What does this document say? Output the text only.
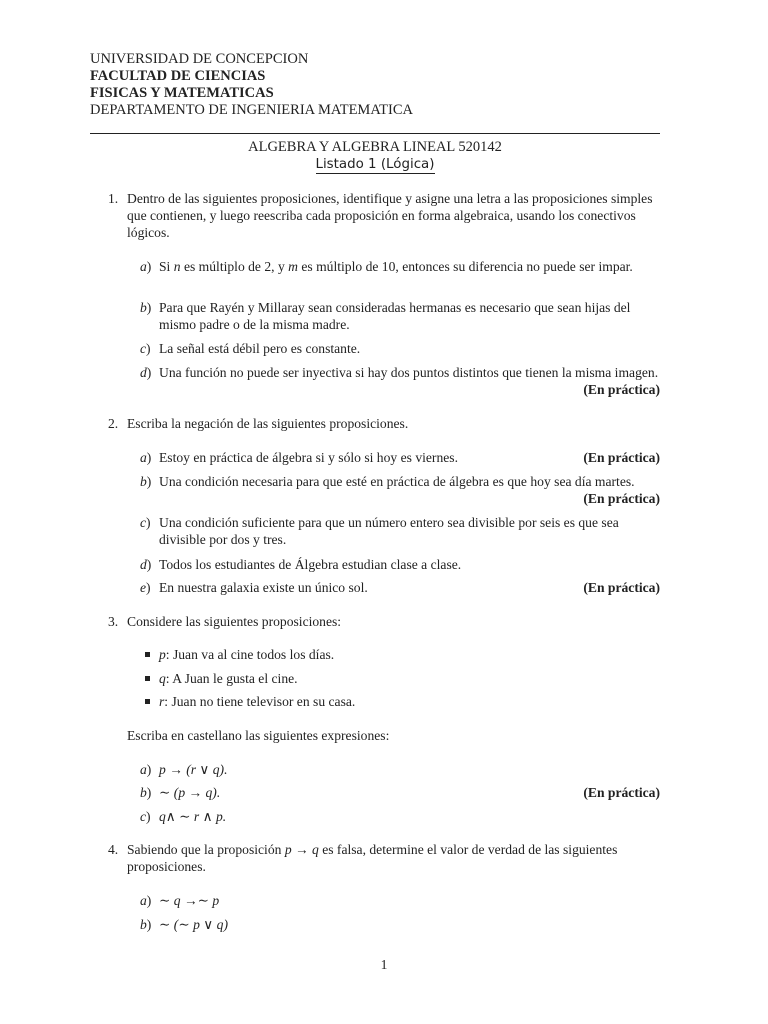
UNIVERSIDAD DE CONCEPCION
FACULTAD DE CIENCIAS
FISICAS Y MATEMATICAS
DEPARTAMENTO DE INGENIERIA MATEMATICA
ALGEBRA Y ALGEBRA LINEAL 520142
Listado 1 (Lógica)
1. Dentro de las siguientes proposiciones, identifique y asigne una letra a las proposiciones simples que contienen, y luego reescriba cada proposición en forma algebraica, usando los conectivos lógicos.
a) Si n es múltiplo de 2, y m es múltiplo de 10, entonces su diferencia no puede ser impar.
b) Para que Rayén y Millaray sean consideradas hermanas es necesario que sean hijas del mismo padre o de la misma madre.
c) La señal está débil pero es constante.
d) Una función no puede ser inyectiva si hay dos puntos distintos que tienen la misma imagen.
(En práctica)
2. Escriba la negación de las siguientes proposiciones.
a) Estoy en práctica de álgebra si y sólo si hoy es viernes.	(En práctica)
b) Una condición necesaria para que esté en práctica de álgebra es que hoy sea día martes.
(En práctica)
c) Una condición suficiente para que un número entero sea divisible por seis es que sea divisible por dos y tres.
d) Todos los estudiantes de Álgebra estudian clase a clase.
e) En nuestra galaxia existe un único sol.	(En práctica)
3. Considere las siguientes proposiciones:
p: Juan va al cine todos los días.
q: A Juan le gusta el cine.
r: Juan no tiene televisor en su casa.
Escriba en castellano las siguientes expresiones:
a) p → (r ∨ q).
b) ∼ (p → q).	(En práctica)
c) q∧ ∼ r ∧ p.
4. Sabiendo que la proposición p → q es falsa, determine el valor de verdad de las siguientes proposiciones.
a) ∼ q →∼ p
b) ∼ (∼ p ∨ q)
1
